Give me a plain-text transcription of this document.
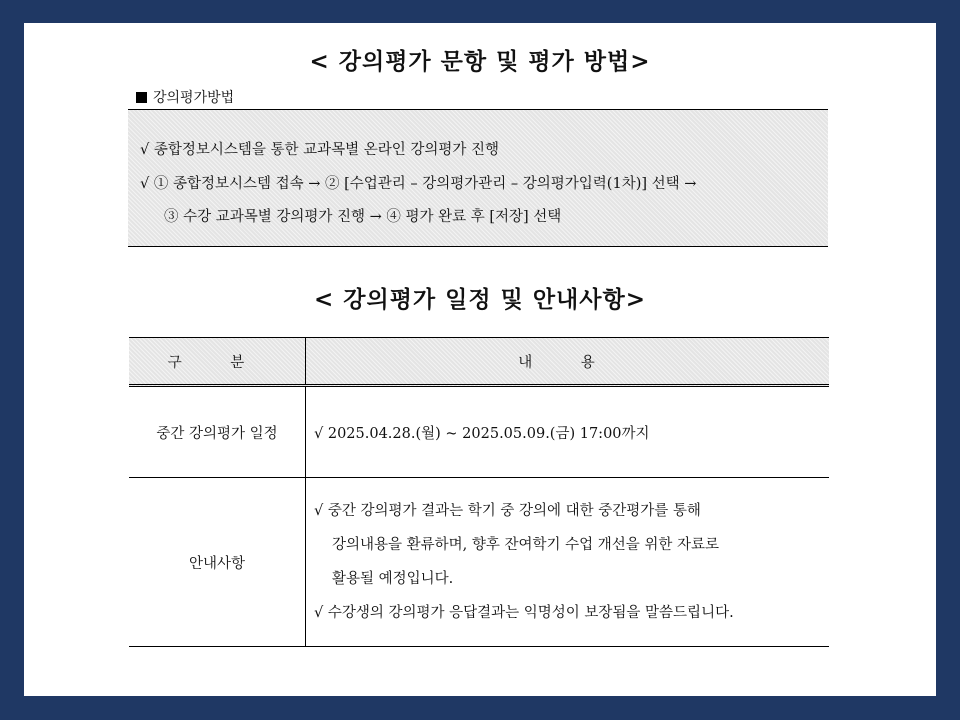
< 강의평가 문항 및 평가 방법>
강의평가방법
√ 종합정보시스템을 통한 교과목별 온라인 강의평가 진행
√ ① 종합정보시스템 접속 → ② [수업관리 – 강의평가관리 – 강의평가입력(1차)] 선택 →
③ 수강 교과목별 강의평가 진행 → ④ 평가 완료 후 [저장] 선택
< 강의평가 일정 및 안내사항>
구 분	내 용
중간 강의평가 일정	√ 2025.04.28.(월) ~ 2025.05.09.(금) 17:00까지

안내사항	√ 중간 강의평가 결과는 학기 중 강의에 대한 중간평가를 통해
강의내용을 환류하며, 향후 잔여학기 수업 개선을 위한 자료로
활용될 예정입니다.
√ 수강생의 강의평가 응답결과는 익명성이 보장됨을 말씀드립니다.
